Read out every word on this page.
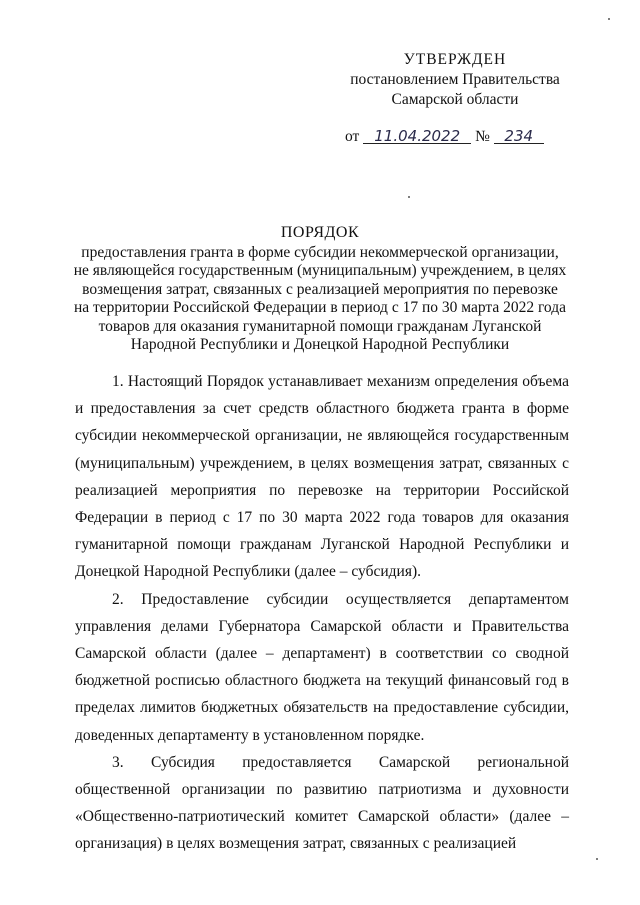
УТВЕРЖДЕН
постановлением Правительства
Самарской области
от 11.04.2022 № 234
ПОРЯДОК
предоставления гранта в форме субсидии некоммерческой организации,
не являющейся государственным (муниципальным) учреждением, в целях
возмещения затрат, связанных с реализацией мероприятия по перевозке
на территории Российской Федерации в период с 17 по 30 марта 2022 года
товаров для оказания гуманитарной помощи гражданам Луганской
Народной Республики и Донецкой Народной Республики

1. Настоящий Порядок устанавливает механизм определения объема и предоставления за счет средств областного бюджета гранта в форме субсидии некоммерческой организации, не являющейся государственным (муниципальным) учреждением, в целях возмещения затрат, связанных с реализацией мероприятия по перевозке на территории Российской Федерации в период с 17 по 30 марта 2022 года товаров для оказания гуманитарной помощи гражданам Луганской Народной Республики и Донецкой Народной Республики (далее – субсидия).

2. Предоставление субсидии осуществляется департаментом управления делами Губернатора Самарской области и Правительства Самарской области (далее – департамент) в соответствии со сводной бюджетной росписью областного бюджета на текущий финансовый год в пределах лимитов бюджетных обязательств на предоставление субсидии, доведенных департаменту в установленном порядке.

3. Субсидия предоставляется Самарской региональной общественной организации по развитию патриотизма и духовности «Общественно-патриотический комитет Самарской области» (далее – организация) в целях возмещения затрат, связанных с реализацией
